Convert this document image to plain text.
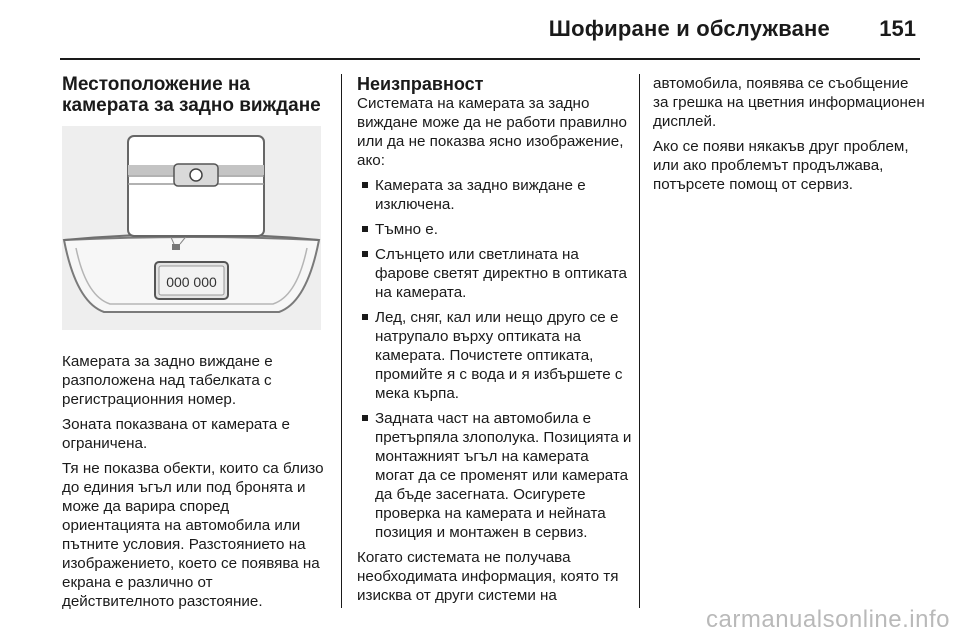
Шофиране и обслужване 151
Местоположение на камерата за задно виждане
000 000

Камерата за задно виждане е разположена над табелката с регистрационния номер.

Зоната показвана от камерата е ограничена.

Тя не показва обекти, които са близо до единия ъгъл или под бронята и може да варира според ориентацията на автомобила или пътните условия. Разстоянието на изображението, което се появява на екрана е различно от действителното разстояние.

Неизправност

Системата на камерата за задно виждане може да не работи правилно или да не показва ясно изображение, ако:

Камерата за задно виждане е изключена.
Тъмно е.
Слънцето или светлината на фарове светят директно в оптиката на камерата.
Лед, сняг, кал или нещо друго се е натрупало върху оптиката на камерата. Почистете оптиката, промийте я с вода и я избършете с мека кърпа.
Задната част на автомобила е претърпяла злополука. Позицията и монтажният ъгъл на камерата могат да се променят или камерата да бъде засегнатa. Осигурете проверка на камерата и нейната позиция и монтажен в сервиз.

Когато системата не получава необходимата информация, която тя изисква от други системи на

автомобила, появява се съобщение за грешка на цветния информационен дисплей.

Ако се появи някакъв друг проблем, или ако проблемът продължава, потърсете помощ от сервиз.

carmanualsonline.info
